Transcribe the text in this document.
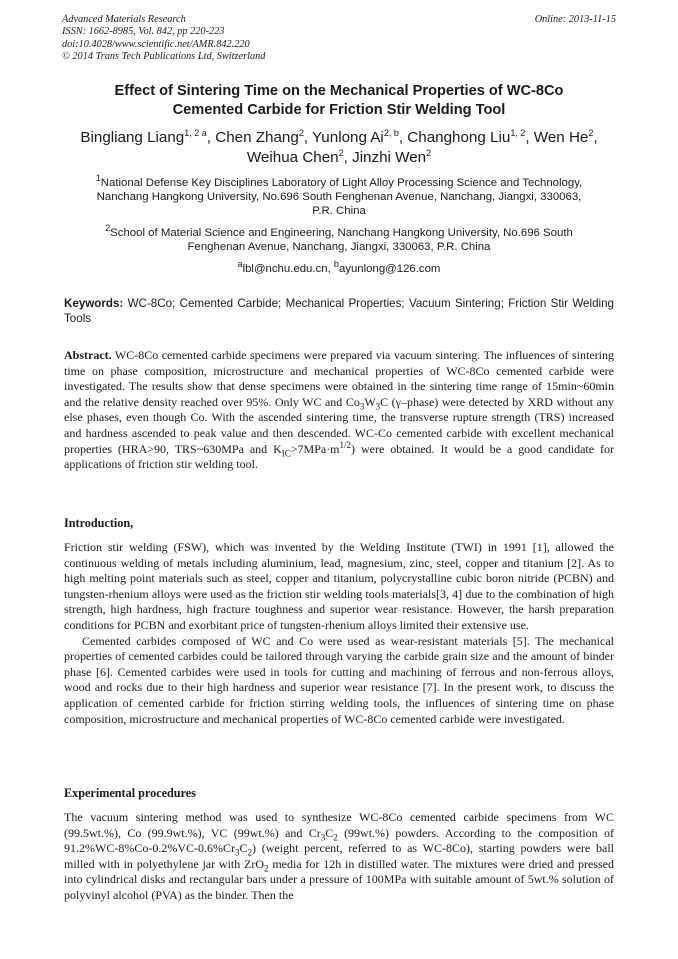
Advanced Materials Research
ISSN: 1662-8985, Vol. 842, pp 220-223
doi:10.4028/www.scientific.net/AMR.842.220
© 2014 Trans Tech Publications Ltd, Switzerland
Online: 2013-11-15
Effect of Sintering Time on the Mechanical Properties of WC-8Co
Cemented Carbide for Friction Stir Welding Tool
Bingliang Liang$^{1, 2 a}$, Chen Zhang$^2$, Yunlong Ai$^{2, b}$, Changhong Liu$^{1, 2}$, Wen He$^2$,
Weihua Chen$^2$, Jinzhi Wen$^2$
$^1$National Defense Key Disciplines Laboratory of Light Alloy Processing Science and Technology,
Nanchang Hangkong University, No.696 South Fenghenan Avenue, Nanchang, Jiangxi, 330063,
P.R. China
$^2$School of Material Science and Engineering, Nanchang Hangkong University, No.696 South
Fenghenan Avenue, Nanchang, Jiangxi, 330063, P.R. China
$^a$lbl@nchu.edu.cn, $^b$ayunlong@126.com
Keywords: WC-8Co; Cemented Carbide; Mechanical Properties; Vacuum Sintering; Friction Stir Welding Tools
Abstract. WC-8Co cemented carbide specimens were prepared via vacuum sintering. The influences of sintering time on phase composition, microstructure and mechanical properties of WC-8Co cemented carbide were investigated. The results show that dense specimens were obtained in the sintering time range of 15min~60min and the relative density reached over 95%. Only WC and $Co_3W_3C$ (γ–phase) were detected by XRD without any else phases, even though Co. With the ascended sintering time, the transverse rupture strength (TRS) increased and hardness ascended to peak value and then descended. WC-Co cemented carbide with excellent mechanical properties (HRA>90, TRS~630MPa and $K_{IC}>7MPa\cdot m^{1/2}$) were obtained. It would be a good candidate for applications of friction stir welding tool.
Introduction,

Friction stir welding (FSW), which was invented by the Welding Institute (TWI) in 1991 [1], allowed the continuous welding of metals including aluminium, lead, magnesium, zinc, steel, copper and titanium [2]. As to high melting point materials such as steel, copper and titanium, polycrystalline cubic boron nitride (PCBN) and tungsten-rhenium alloys were used as the friction stir welding tools materials[3, 4] due to the combination of high strength, high hardness, high fracture toughness and superior wear resistance. However, the harsh preparation conditions for PCBN and exorbitant price of tungsten-rhenium alloys limited their extensive use.

Cemented carbides composed of WC and Co were used as wear-resistant materials [5]. The mechanical properties of cemented carbides could be tailored through varying the carbide grain size and the amount of binder phase [6]. Cemented carbides were used in tools for cutting and machining of ferrous and non-ferrous alloys, wood and rocks due to their high hardness and superior wear resistance [7]. In the present work, to discuss the application of cemented carbide for friction stirring welding tools, the influences of sintering time on phase composition, microstructure and mechanical properties of WC-8Co cemented carbide were investigated.

Experimental procedures
The vacuum sintering method was used to synthesize WC-8Co cemented carbide specimens from WC (99.5wt.%), Co (99.9wt.%), VC (99wt.%) and $Cr_3C_2$ (99wt.%) powders. According to the composition of $91.2\%WC-8\%Co-0.2\%VC-0.6\%Cr_3C_2$) (weight percent, referred to as WC-8Co), starting powders were ball milled with in polyethylene jar with ZrO$_2$ media for 12h in distilled water. The mixtures were dried and pressed into cylindrical disks and rectangular bars under a pressure of 100MPa with suitable amount of 5wt.% solution of polyvinyl alcohol (PVA) as the binder. Then the
